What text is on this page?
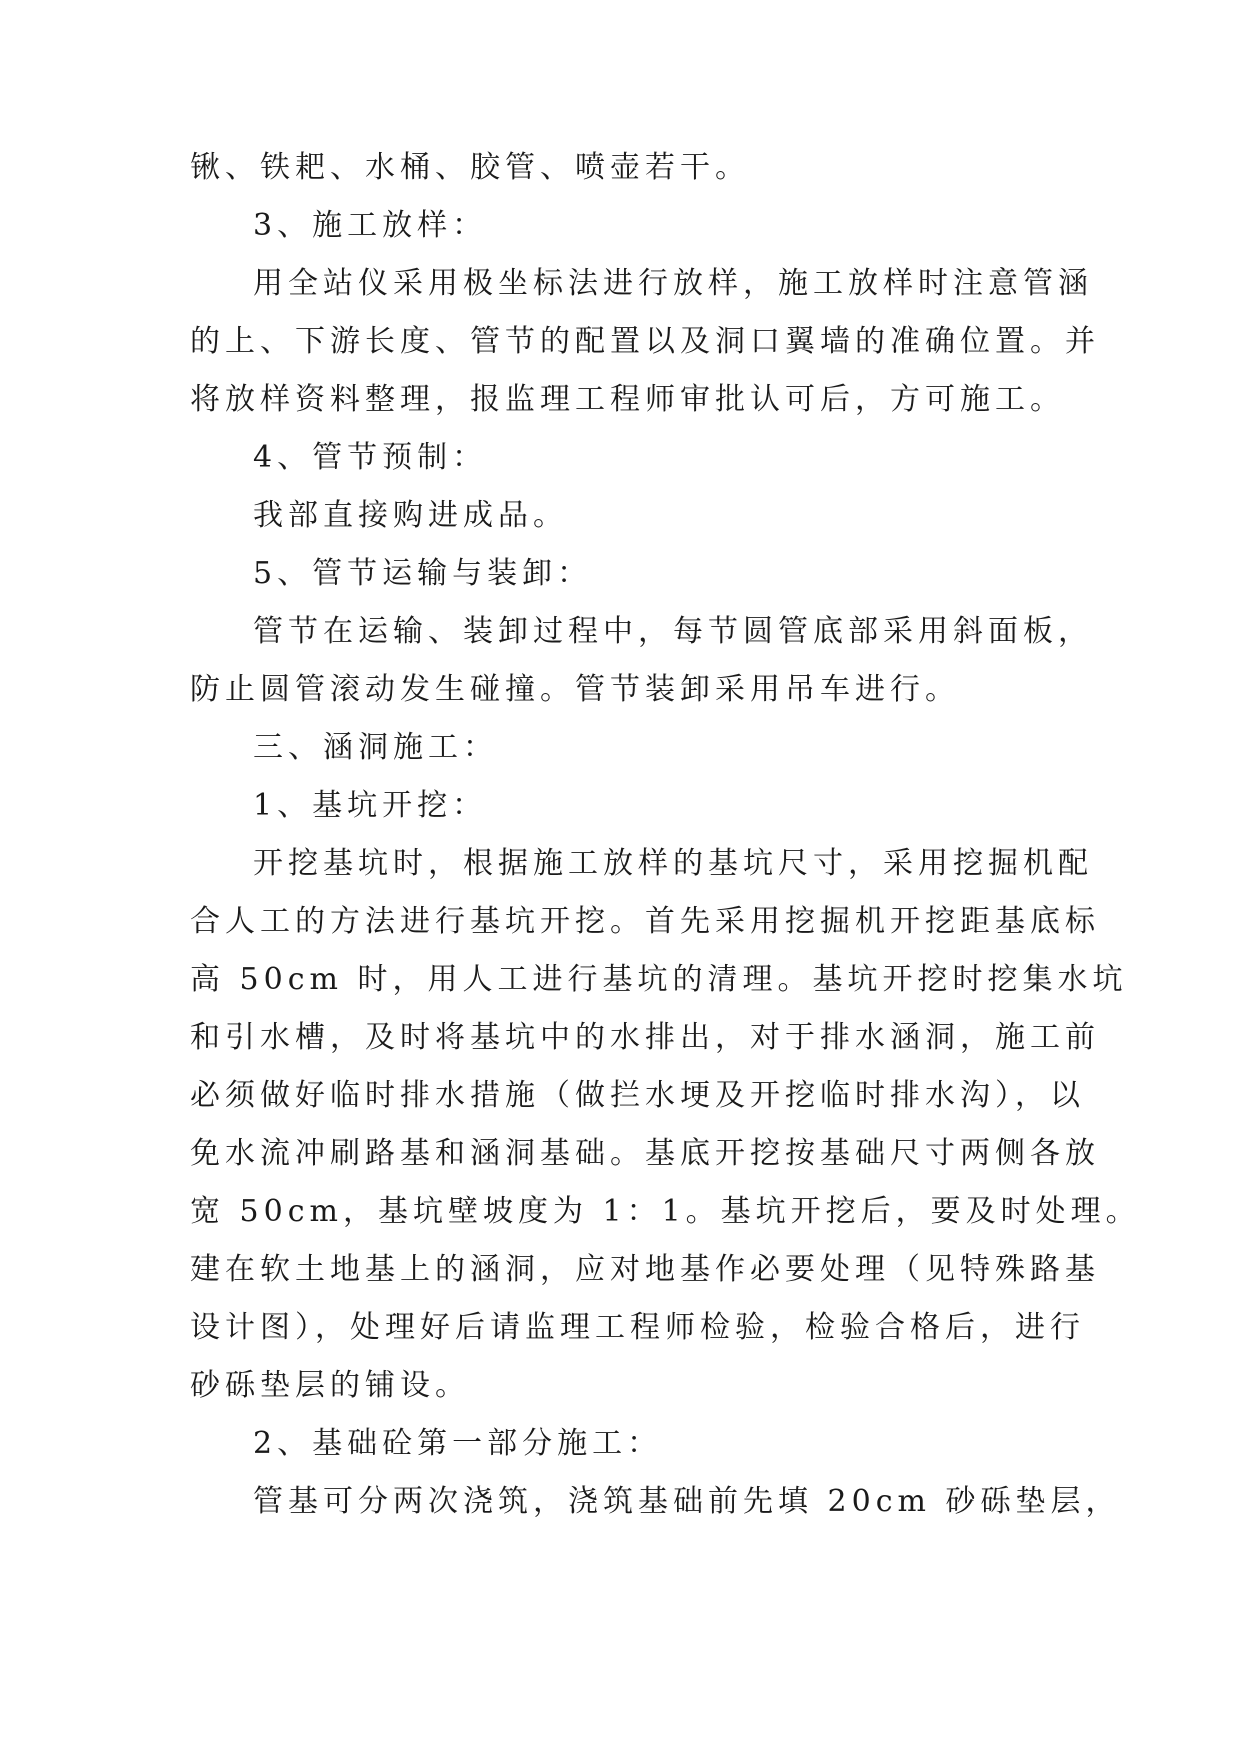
锹、铁耙、水桶、胶管、喷壶若干。
3、施工放样：
用全站仪采用极坐标法进行放样，施工放样时注意管涵
的上、下游长度、管节的配置以及洞口翼墙的准确位置。并
将放样资料整理，报监理工程师审批认可后，方可施工。
4、管节预制：
我部直接购进成品。
5、管节运输与装卸：
管节在运输、装卸过程中，每节圆管底部采用斜面板，
防止圆管滚动发生碰撞。管节装卸采用吊车进行。
三、涵洞施工：
1、基坑开挖：
开挖基坑时，根据施工放样的基坑尺寸，采用挖掘机配
合人工的方法进行基坑开挖。首先采用挖掘机开挖距基底标
高 50cm 时，用人工进行基坑的清理。基坑开挖时挖集水坑
和引水槽，及时将基坑中的水排出，对于排水涵洞，施工前
必须做好临时排水措施（做拦水埂及开挖临时排水沟），以
免水流冲刷路基和涵洞基础。基底开挖按基础尺寸两侧各放
宽 50cm，基坑壁坡度为 1：1。基坑开挖后，要及时处理。
建在软土地基上的涵洞，应对地基作必要处理（见特殊路基
设计图），处理好后请监理工程师检验，检验合格后，进行
砂砾垫层的铺设。
2、基础砼第一部分施工：
管基可分两次浇筑，浇筑基础前先填 20cm 砂砾垫层，
